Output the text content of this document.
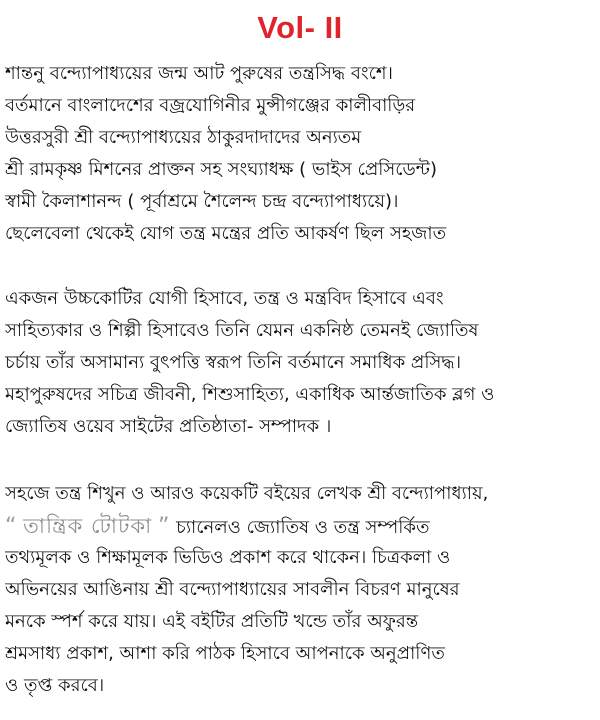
Vol- II
শান্তনু বন্দ্যোপাধ্যয়ের জন্ম আট পুরুষের তন্ত্রসিদ্ধ বংশে।
বর্তমানে বাংলাদেশের বজ্রযোগিনীর মুন্সীগঞ্জের কালীবাড়ির
উত্তরসুরী শ্রী বন্দ্যোপাধ্যয়ের ঠাকুরদাদাদের অন্যতম
শ্রী রামকৃষ্ণ মিশনের প্রাক্তন সহ সংঘ্যাধক্ষ ( ভাইস প্রেসিডেন্ট)
স্বামী কৈলাশানন্দ ( পূর্বাশ্রমে শৈলেন্দ চন্দ্র বন্দ্যোপাধ্যয়ে)।
ছেলেবেলা থেকেই যোগ তন্ত্র মন্ত্রের প্রতি আকর্ষণ ছিল সহজাত
একজন উচ্চকোটির যোগী হিসাবে, তন্ত্র ও মন্ত্রবিদ হিসাবে এবং
সাহিত্যকার ও শিল্পী হিসাবেও তিনি যেমন একনিষ্ঠ তেমনই জ্যোতিষ
চর্চায় তাঁর অসামান্য বুৎপত্তি স্বরূপ তিনি বর্তমানে সমাধিক প্রসিদ্ধ।
মহাপুরুষদের সচিত্র জীবনী, শিশুসাহিত্য, একাধিক আর্ন্তজাতিক ব্লগ ও
জ্যোতিষ ওয়েব সাইটের প্রতিষ্ঠাতা- সম্পাদক ।
সহজে তন্ত্র শিখুন ও আরও কয়েকটি বইয়ের লেখক শ্রী বন্দ্যোপাধ্যায়,
“ তান্ত্রিক টোটকা ” চ্যানেলও জ্যোতিষ ও তন্ত্র সম্পর্কিত
তথ্যমূলক ও শিক্ষামূলক ভিডিও প্রকাশ করে থাকেন। চিত্রকলা ও
অভিনয়ের আঙিনায় শ্রী বন্দ্যোপাধ্যায়ের সাবলীন বিচরণ মানুষের
মনকে স্পর্শ করে যায়। এই বইটির প্রতিটি খন্ডে তাঁর অফুরন্ত
শ্রমসাধ্য প্রকাশ, আশা করি পাঠক হিসাবে আপনাকে অনুপ্রাণিত
ও তৃপ্ত করবে।
